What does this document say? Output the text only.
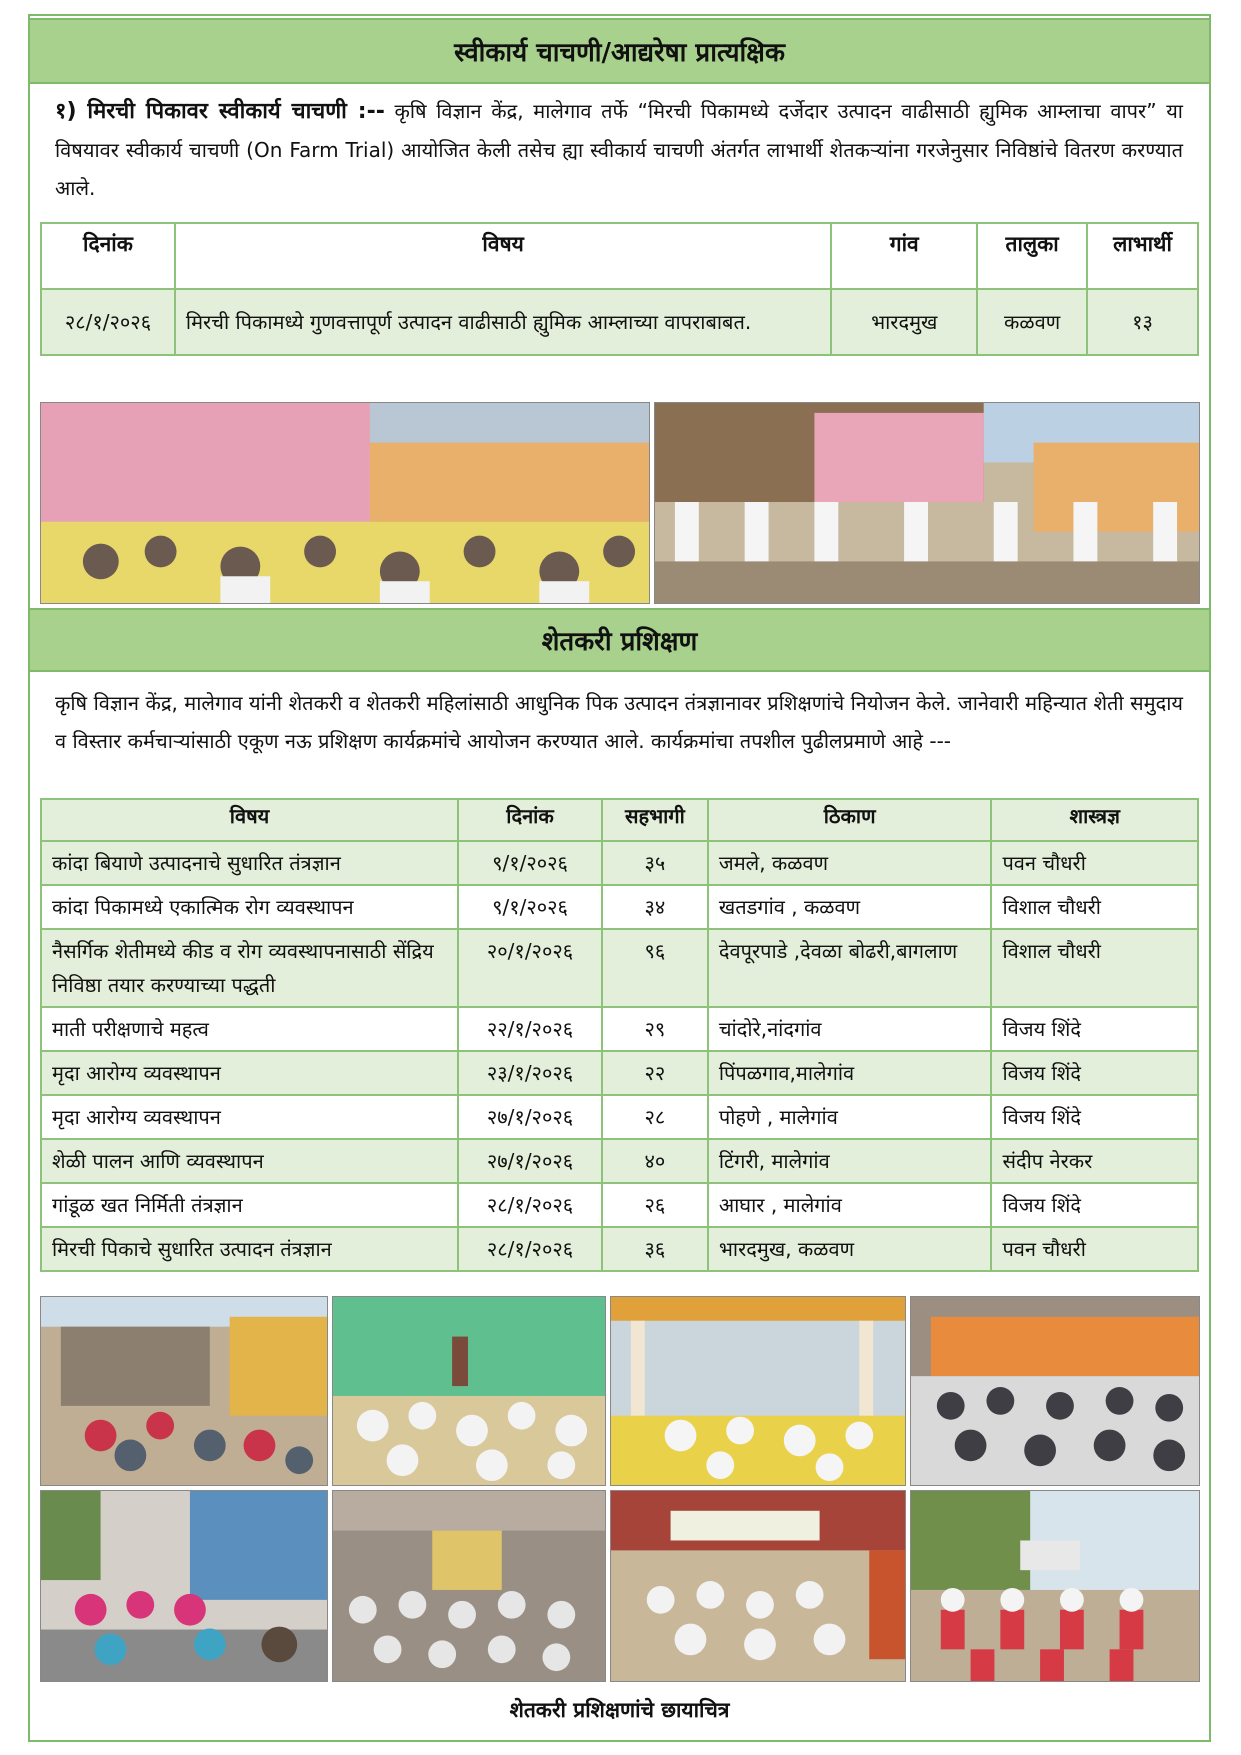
स्वीकार्य चाचणी/आद्यरेषा प्रात्यक्षिक
१) मिरची पिकावर स्वीकार्य चाचणी :-- कृषि विज्ञान केंद्र, मालेगाव तर्फे “मिरची पिकामध्ये दर्जेदार उत्पादन वाढीसाठी ह्युमिक आम्लाचा वापर” या विषयावर स्वीकार्य चाचणी (On Farm Trial) आयोजित केली तसेच ह्या स्वीकार्य चाचणी अंतर्गत लाभार्थी शेतकऱ्यांना गरजेनुसार निविष्ठांचे वितरण करण्यात आले.
दिनांक	विषय	गांव	तालुका	लाभार्थी
२८/१/२०२६	मिरची पिकामध्ये गुणवत्तापूर्ण उत्पादन वाढीसाठी ह्युमिक आम्लाच्या वापराबाबत.	भारदमुख	कळवण	१३
शेतकरी प्रशिक्षण
कृषि विज्ञान केंद्र, मालेगाव यांनी शेतकरी व शेतकरी महिलांसाठी आधुनिक पिक उत्पादन तंत्रज्ञानावर प्रशिक्षणांचे नियोजन केले. जानेवारी महिन्यात शेती समुदाय व विस्तार कर्मचाऱ्यांसाठी एकूण नऊ प्रशिक्षण कार्यक्रमांचे आयोजन करण्यात आले. कार्यक्रमांचा तपशील पुढीलप्रमाणे आहे ---
विषय	दिनांक	सहभागी	ठिकाण	शास्त्रज्ञ
कांदा बियाणे उत्पादनाचे सुधारित तंत्रज्ञान	९/१/२०२६	३५	जमले, कळवण	पवन चौधरी
कांदा पिकामध्ये एकात्मिक रोग व्यवस्थापन	९/१/२०२६	३४	खतडगांव , कळवण	विशाल चौधरी
नैसर्गिक शेतीमध्ये कीड व रोग व्यवस्थापनासाठी सेंद्रिय निविष्ठा तयार करण्याच्या पद्धती	२०/१/२०२६	९६	देवपूरपाडे ,देवळा बोढरी,बागलाण	विशाल चौधरी
माती परीक्षणाचे महत्व	२२/१/२०२६	२९	चांदोरे,नांदगांव	विजय शिंदे
मृदा आरोग्य व्यवस्थापन	२३/१/२०२६	२२	पिंपळगाव,मालेगांव	विजय शिंदे
मृदा आरोग्य व्यवस्थापन	२७/१/२०२६	२८	पोहणे , मालेगांव	विजय शिंदे
शेळी पालन आणि व्यवस्थापन	२७/१/२०२६	४०	टिंगरी, मालेगांव	संदीप नेरकर
गांडूळ खत निर्मिती तंत्रज्ञान	२८/१/२०२६	२६	आघार , मालेगांव	विजय शिंदे
मिरची पिकाचे सुधारित उत्पादन तंत्रज्ञान	२८/१/२०२६	३६	भारदमुख, कळवण	पवन चौधरी
शेतकरी प्रशिक्षणांचे छायाचित्र
